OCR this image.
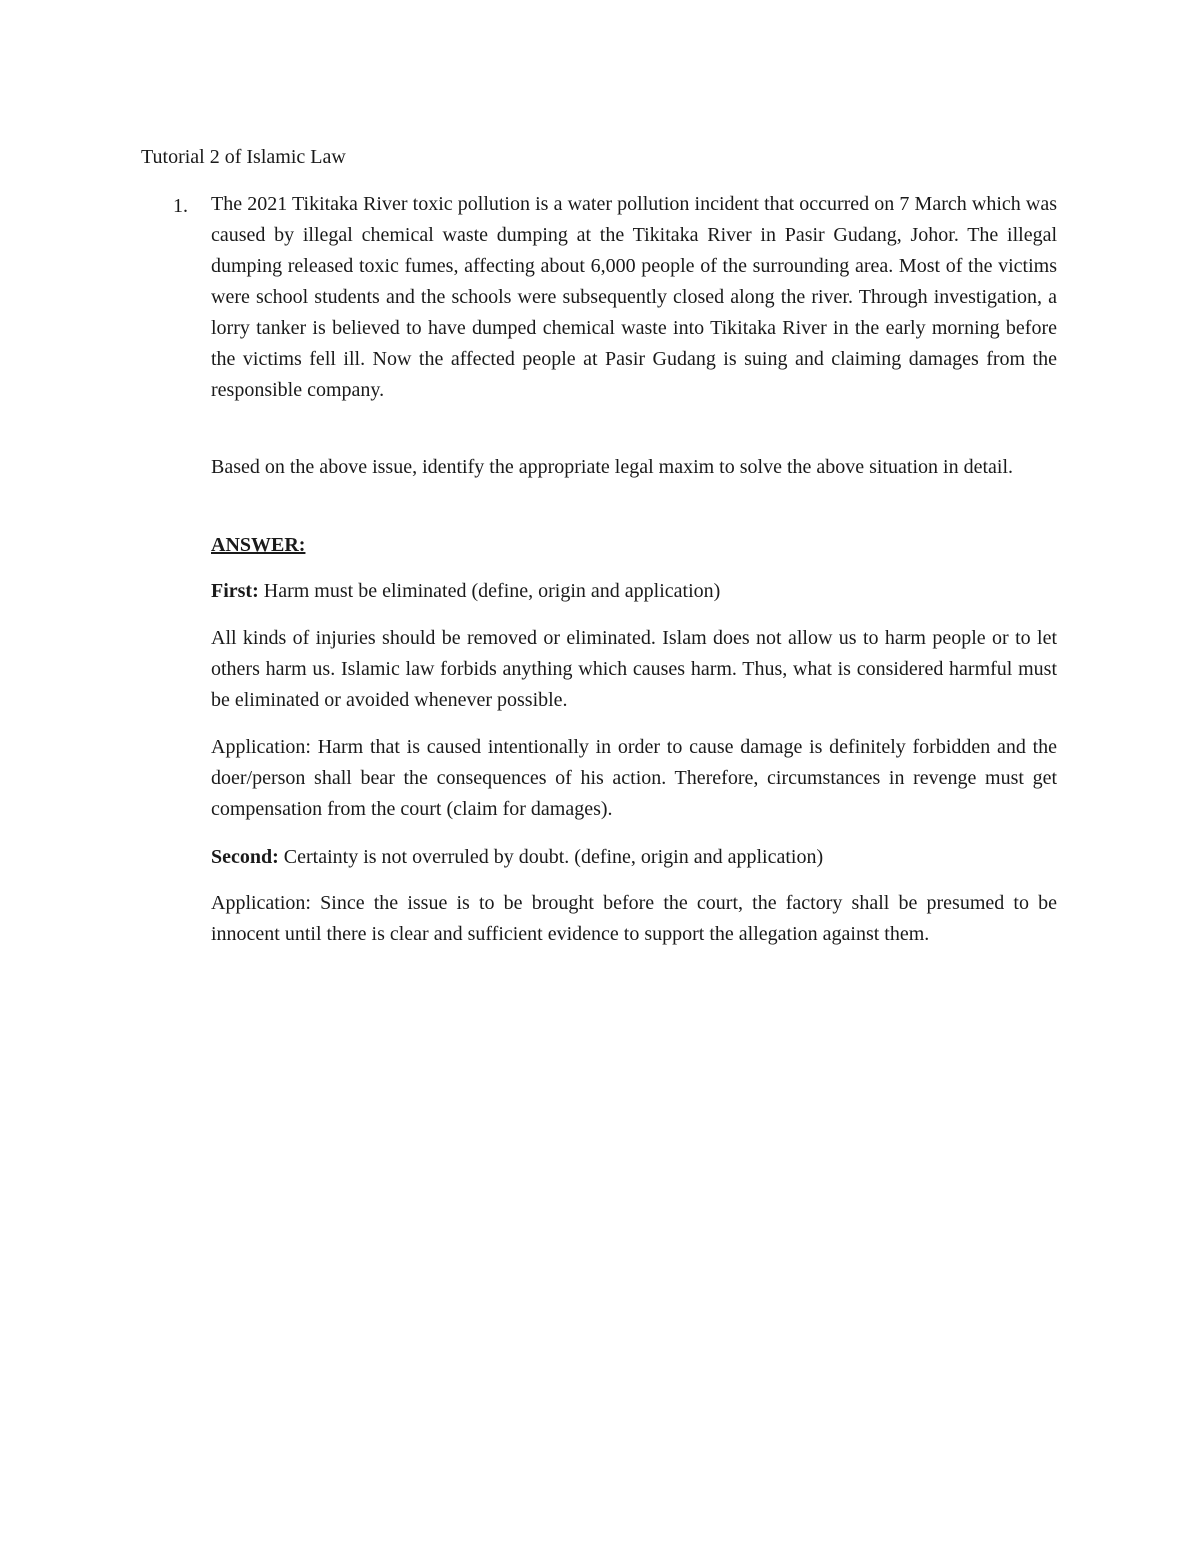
Tutorial 2 of Islamic Law
1. The 2021 Tikitaka River toxic pollution is a water pollution incident that occurred on 7 March which was caused by illegal chemical waste dumping at the Tikitaka River in Pasir Gudang, Johor. The illegal dumping released toxic fumes, affecting about 6,000 people of the surrounding area. Most of the victims were school students and the schools were subsequently closed along the river. Through investigation, a lorry tanker is believed to have dumped chemical waste into Tikitaka River in the early morning before the victims fell ill. Now the affected people at Pasir Gudang is suing and claiming damages from the responsible company.

Based on the above issue, identify the appropriate legal maxim to solve the above situation in detail.

ANSWER:

First: Harm must be eliminated (define, origin and application)

All kinds of injuries should be removed or eliminated. Islam does not allow us to harm people or to let others harm us. Islamic law forbids anything which causes harm. Thus, what is considered harmful must be eliminated or avoided whenever possible.

Application: Harm that is caused intentionally in order to cause damage is definitely forbidden and the doer/person shall bear the consequences of his action. Therefore, circumstances in revenge must get compensation from the court (claim for damages).

Second: Certainty is not overruled by doubt. (define, origin and application)

Application: Since the issue is to be brought before the court, the factory shall be presumed to be innocent until there is clear and sufficient evidence to support the allegation against them.
